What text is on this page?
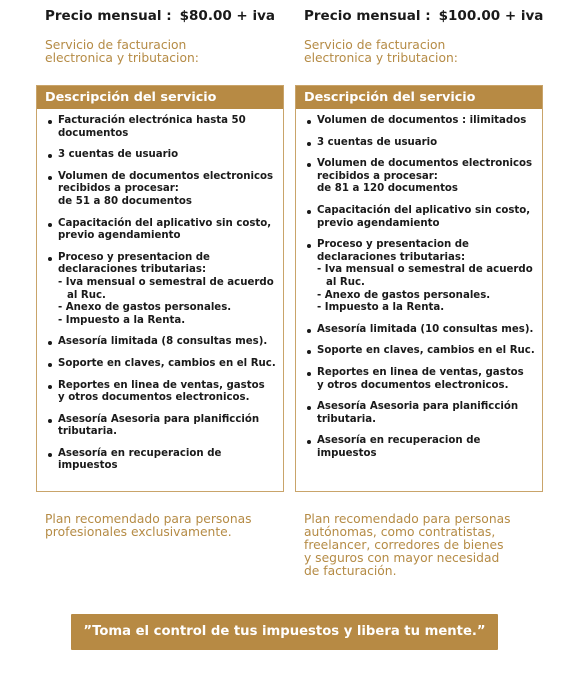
Precio mensual : $80.00 + iva
Servicio de facturacion
electronica y tributacion:
Descripción del servicio
Facturación electrónica hasta 50
documentos
3 cuentas de usuario
Volumen de documentos electronicos
recibidos a procesar:
de 51 a 80 documentos
Capacitación del aplicativo sin costo,
previo agendamiento
Proceso y presentacion de
declaraciones tributarias:
- Iva mensual o semestral de acuerdo
al Ruc.
- Anexo de gastos personales.
- Impuesto a la Renta.
Asesoría limitada (8 consultas mes).
Soporte en claves, cambios en el Ruc.
Reportes en linea de ventas, gastos
y otros documentos electronicos.
Asesoría Asesoria para planificción
tributaria.
Asesoría en recuperacion de impuestos
Plan recomendado para personas
profesionales exclusivamente.
Precio mensual : $100.00 + iva
Servicio de facturacion
electronica y tributacion:
Descripción del servicio
Volumen de documentos : ilimitados
3 cuentas de usuario
Volumen de documentos electronicos
recibidos a procesar:
de 81 a 120 documentos
Capacitación del aplicativo sin costo,
previo agendamiento
Proceso y presentacion de
declaraciones tributarias:
- Iva mensual o semestral de acuerdo
al Ruc.
- Anexo de gastos personales.
- Impuesto a la Renta.
Asesoría limitada (10 consultas mes).
Soporte en claves, cambios en el Ruc.
Reportes en linea de ventas, gastos
y otros documentos electronicos.
Asesoría Asesoria para planificción
tributaria.
Asesoría en recuperacion de impuestos
Plan recomendado para personas
autónomas, como contratistas,
freelancer, corredores de bienes
y seguros con mayor necesidad
de facturación.
”Toma el control de tus impuestos y libera tu mente.”
